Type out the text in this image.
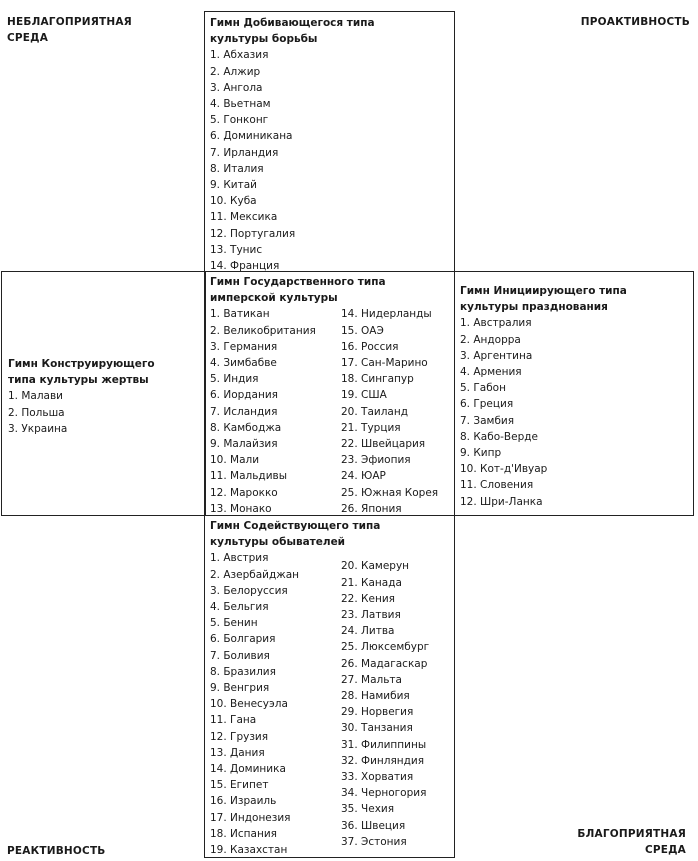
НЕБЛАГОПРИЯТНАЯ
СРЕДА
ПРОАКТИВНОСТЬ
РЕАКТИВНОСТЬ
БЛАГОПРИЯТНАЯ
СРЕДА
Гимн Добивающегося типа культуры борьбы
1. Абхазия
2. Алжир
3. Ангола
4. Вьетнам
5. Гонконг
6. Доминикана
7. Ирландия
8. Италия
9. Китай
10. Куба
11. Мексика
12. Португалия
13. Тунис
14. Франция
Гимн Конструирующего типа культуры жертвы
1. Малави
2. Польша
3. Украина
Гимн Государственного типа имперской культуры
1. Ватикан
2. Великобритания
3. Германия
4. Зимбабве
5. Индия
6. Иордания
7. Исландия
8. Камбоджа
9. Малайзия
10. Мали
11. Мальдивы
12. Марокко
13. Монако
14. Нидерланды
15. ОАЭ
16. Россия
17. Сан-Марино
18. Сингапур
19. США
20. Таиланд
21. Турция
22. Швейцария
23. Эфиопия
24. ЮАР
25. Южная Корея
26. Япония
Гимн Инициирующего типа культуры празднования
1. Австралия
2. Андорра
3. Аргентина
4. Армения
5. Габон
6. Греция
7. Замбия
8. Кабо-Верде
9. Кипр
10. Кот-д'Ивуар
11. Словения
12. Шри-Ланка
Гимн Содействующего типа культуры обывателей
1. Австрия
2. Азербайджан
3. Белоруссия
4. Бельгия
5. Бенин
6. Болгария
7. Боливия
8. Бразилия
9. Венгрия
10. Венесуэла
11. Гана
12. Грузия
13. Дания
14. Доминика
15. Египет
16. Израиль
17. Индонезия
18. Испания
19. Казахстан
20. Камерун
21. Канада
22. Кения
23. Латвия
24. Литва
25. Люксембург
26. Мадагаскар
27. Мальта
28. Намибия
29. Норвегия
30. Танзания
31. Филиппины
32. Финляндия
33. Хорватия
34. Черногория
35. Чехия
36. Швеция
37. Эстония
